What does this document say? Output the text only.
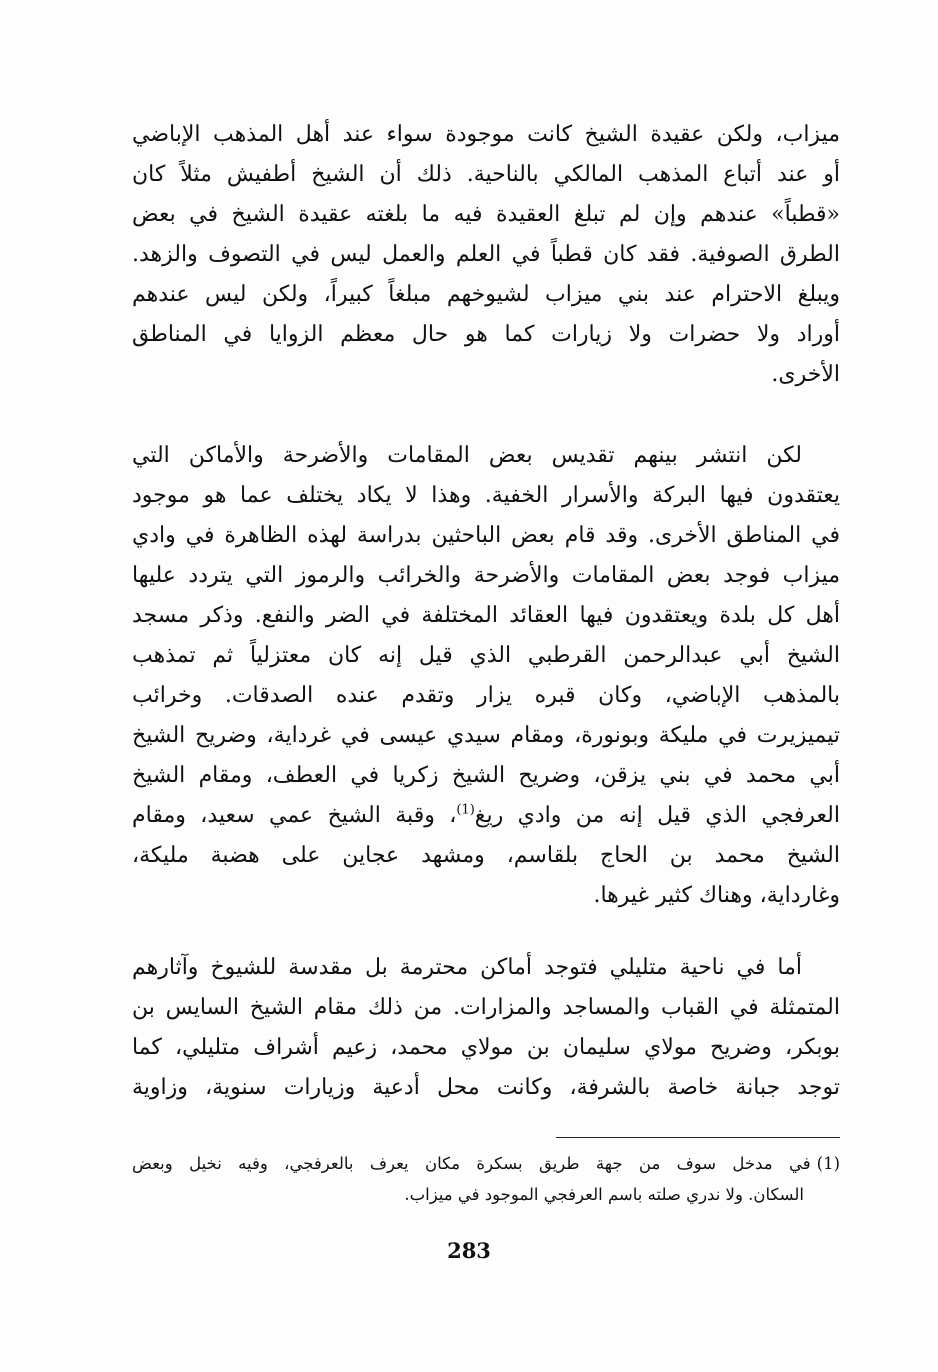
ميزاب، ولكن عقيدة الشيخ كانت موجودة سواء عند أهل المذهب الإباضي
أو عند أتباع المذهب المالكي بالناحية. ذلك أن الشيخ أطفيش مثلاً كان
«قطباً» عندهم وإن لم تبلغ العقيدة فيه ما بلغته عقيدة الشيخ في بعض
الطرق الصوفية. فقد كان قطباً في العلم والعمل ليس في التصوف والزهد.
ويبلغ الاحترام عند بني ميزاب لشيوخهم مبلغاً كبيراً، ولكن ليس عندهم
أوراد ولا حضرات ولا زيارات كما هو حال معظم الزوايا في المناطق
الأخرى.
لكن انتشر بينهم تقديس بعض المقامات والأضرحة والأماكن التي
يعتقدون فيها البركة والأسرار الخفية. وهذا لا يكاد يختلف عما هو موجود
في المناطق الأخرى. وقد قام بعض الباحثين بدراسة لهذه الظاهرة في وادي
ميزاب فوجد بعض المقامات والأضرحة والخرائب والرموز التي يتردد عليها
أهل كل بلدة ويعتقدون فيها العقائد المختلفة في الضر والنفع. وذكر مسجد
الشيخ أبي عبدالرحمن القرطبي الذي قيل إنه كان معتزلياً ثم تمذهب
بالمذهب الإباضي، وكان قبره يزار وتقدم عنده الصدقات. وخرائب
تيميزيرت في مليكة وبونورة، ومقام سيدي عيسى في غرداية، وضريح الشيخ
أبي محمد في بني يزقن، وضريح الشيخ زكريا في العطف، ومقام الشيخ
العرفجي الذي قيل إنه من وادي ريغ$^{(1)}$، وقبة الشيخ عمي سعيد، ومقام
الشيخ محمد بن الحاج بلقاسم، ومشهد عجاين على هضبة مليكة،
وغارداية، وهناك كثير غيرها.
أما في ناحية متليلي فتوجد أماكن محترمة بل مقدسة للشيوخ وآثارهم
المتمثلة في القباب والمساجد والمزارات. من ذلك مقام الشيخ السايس بن
بوبكر، وضريح مولاي سليمان بن مولاي محمد، زعيم أشراف متليلي، كما
توجد جبانة خاصة بالشرفة، وكانت محل أدعية وزيارات سنوية، وزاوية
(1)في مدخل سوف من جهة طريق بسكرة مكان يعرف بالعرفجي، وفيه نخيل وبعض
السكان. ولا ندري صلته باسم العرفجي الموجود في ميزاب.
283
